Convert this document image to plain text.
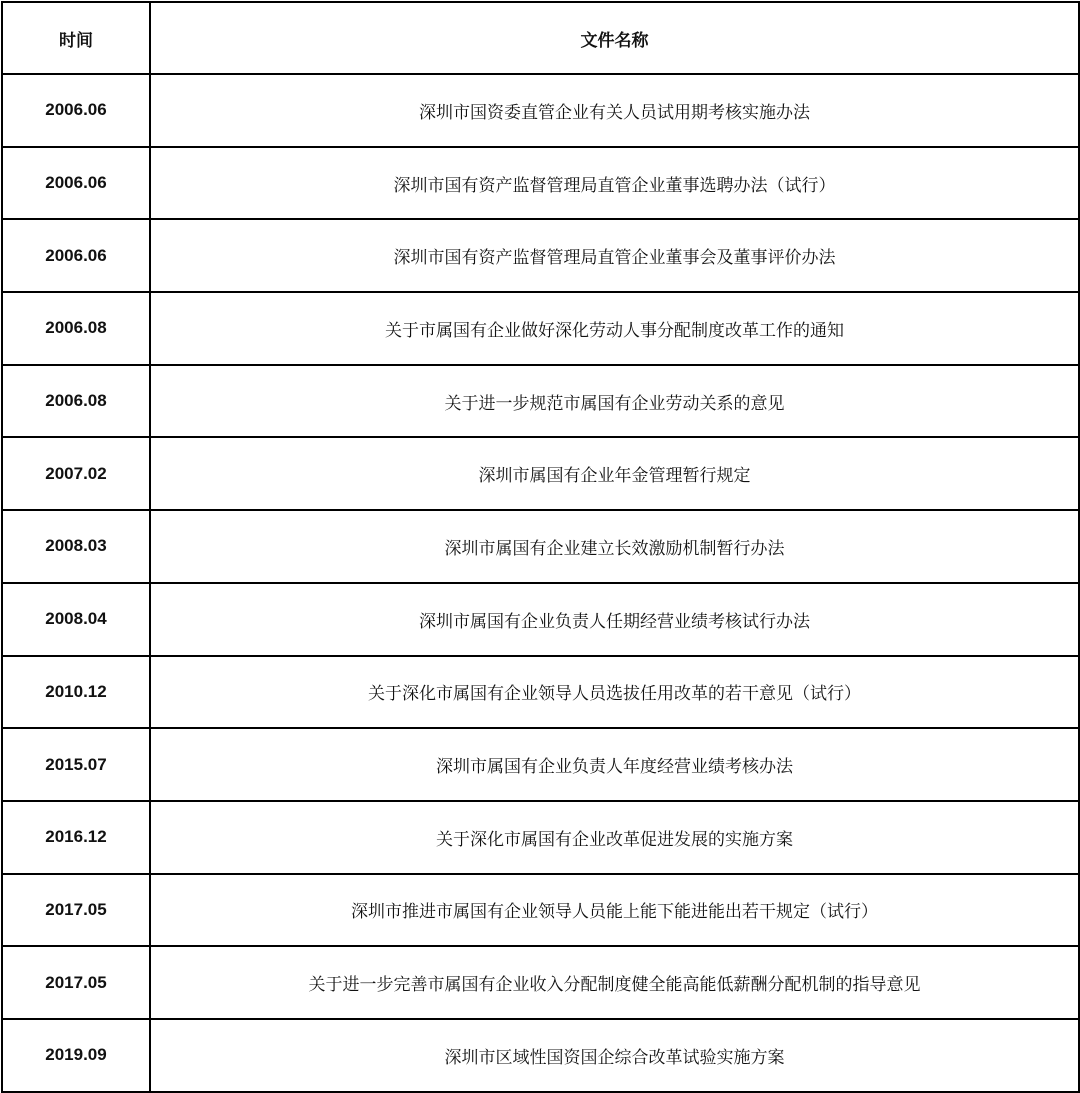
时间	文件名称
2006.06	深圳市国资委直管企业有关人员试用期考核实施办法
2006.06	深圳市国有资产监督管理局直管企业董事选聘办法（试行）
2006.06	深圳市国有资产监督管理局直管企业董事会及董事评价办法
2006.08	关于市属国有企业做好深化劳动人事分配制度改革工作的通知
2006.08	关于进一步规范市属国有企业劳动关系的意见
2007.02	深圳市属国有企业年金管理暂行规定
2008.03	深圳市属国有企业建立长效激励机制暂行办法
2008.04	深圳市属国有企业负责人任期经营业绩考核试行办法
2010.12	关于深化市属国有企业领导人员选拔任用改革的若干意见（试行）
2015.07	深圳市属国有企业负责人年度经营业绩考核办法
2016.12	关于深化市属国有企业改革促进发展的实施方案
2017.05	深圳市推进市属国有企业领导人员能上能下能进能出若干规定（试行）
2017.05	关于进一步完善市属国有企业收入分配制度健全能高能低薪酬分配机制的指导意见
2019.09	深圳市区域性国资国企综合改革试验实施方案
